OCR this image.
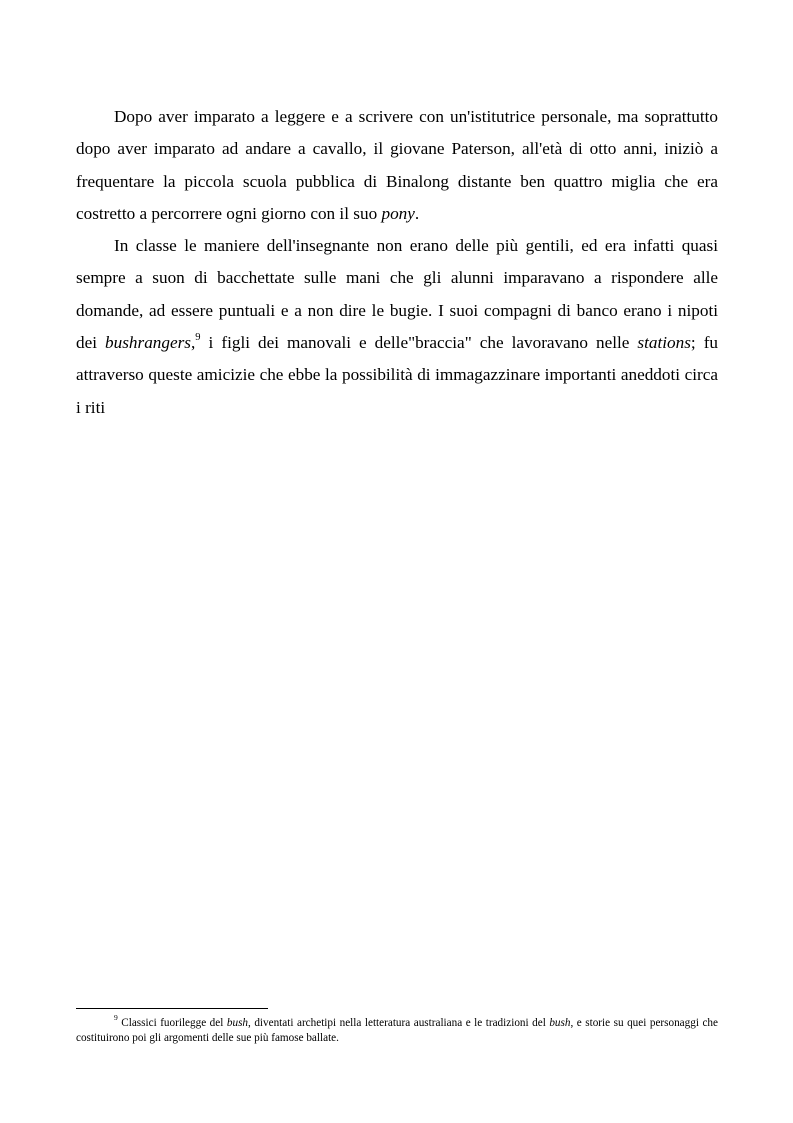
Dopo aver imparato a leggere e a scrivere con un'istitutrice personale, ma soprattutto dopo aver imparato ad andare a cavallo, il giovane Paterson, all'età di otto anni, iniziò a frequentare la piccola scuola pubblica di Binalong distante ben quattro miglia che era costretto a percorrere ogni giorno con il suo pony.

In classe le maniere dell'insegnante non erano delle più gentili, ed era infatti quasi sempre a suon di bacchettate sulle mani che gli alunni imparavano a rispondere alle domande, ad essere puntuali e a non dire le bugie. I suoi compagni di banco erano i nipoti dei bushrangers,$^9$ i figli dei manovali e delle"braccia" che lavoravano nelle stations; fu attraverso queste amicizie che ebbe la possibilità di immagazzinare importanti aneddoti circa i riti

$^9$ Classici fuorilegge del bush, diventati archetipi nella letteratura australiana e le tradizioni del bush, e storie su quei personaggi che costituirono poi gli argomenti delle sue più famose ballate.
